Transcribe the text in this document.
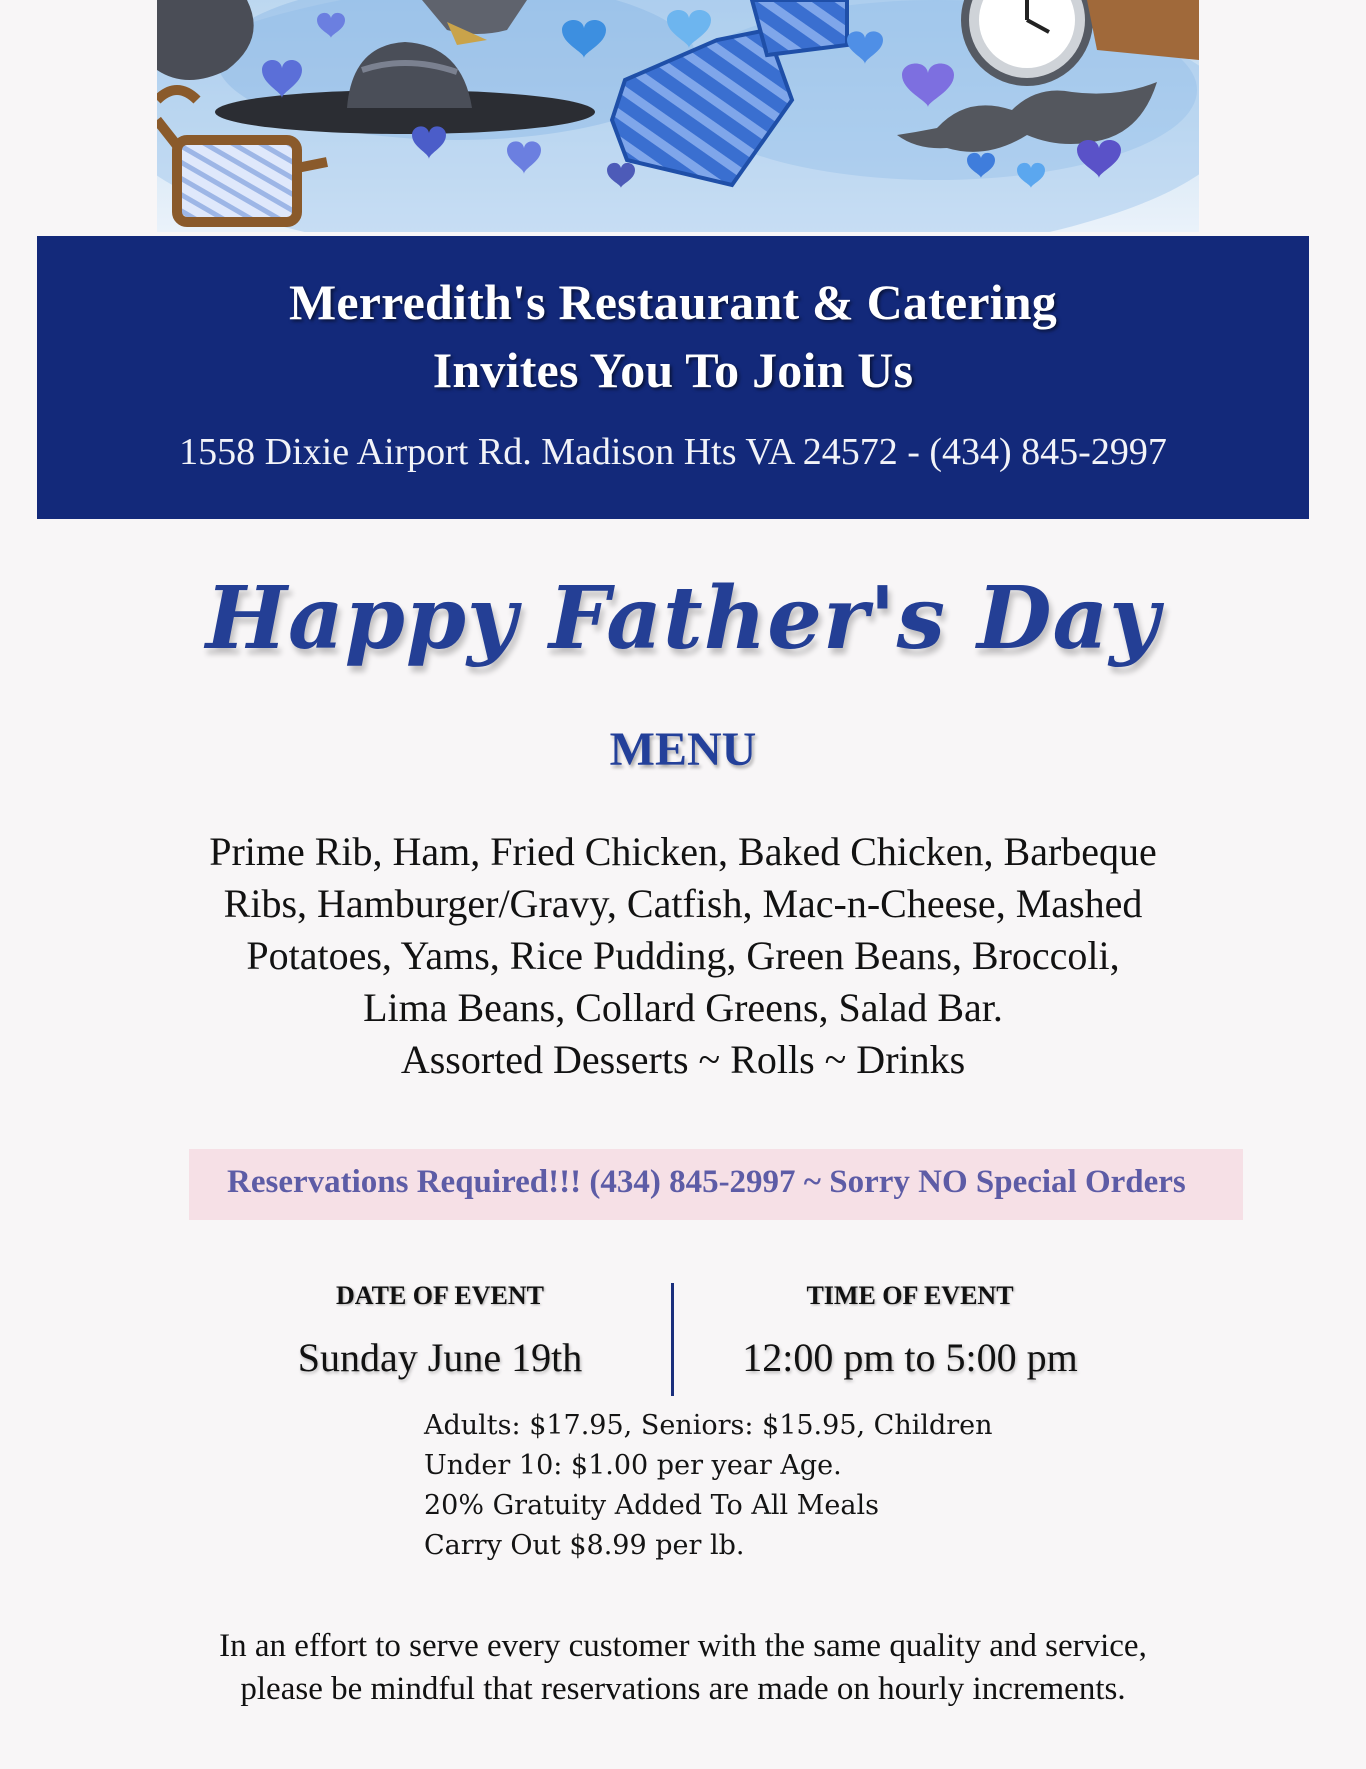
Merredith's Restaurant & Catering
Invites You To Join Us
1558 Dixie Airport Rd. Madison Hts VA 24572 - (434) 845-2997
Happy Father's Day
MENU
Prime Rib, Ham, Fried Chicken, Baked Chicken, Barbeque
Ribs, Hamburger/Gravy, Catfish, Mac-n-Cheese, Mashed
Potatoes, Yams, Rice Pudding, Green Beans, Broccoli,
Lima Beans, Collard Greens, Salad Bar.
Assorted Desserts ~ Rolls ~ Drinks
Reservations Required!!! (434) 845-2997 ~ Sorry NO Special Orders
DATE OF EVENT
Sunday June 19th
TIME OF EVENT
12:00 pm to 5:00 pm
Adults: $17.95, Seniors: $15.95, Children
Under 10: $1.00 per year Age.
20% Gratuity Added To All Meals
Carry Out $8.99 per lb.
In an effort to serve every customer with the same quality and service,
please be mindful that reservations are made on hourly increments.
